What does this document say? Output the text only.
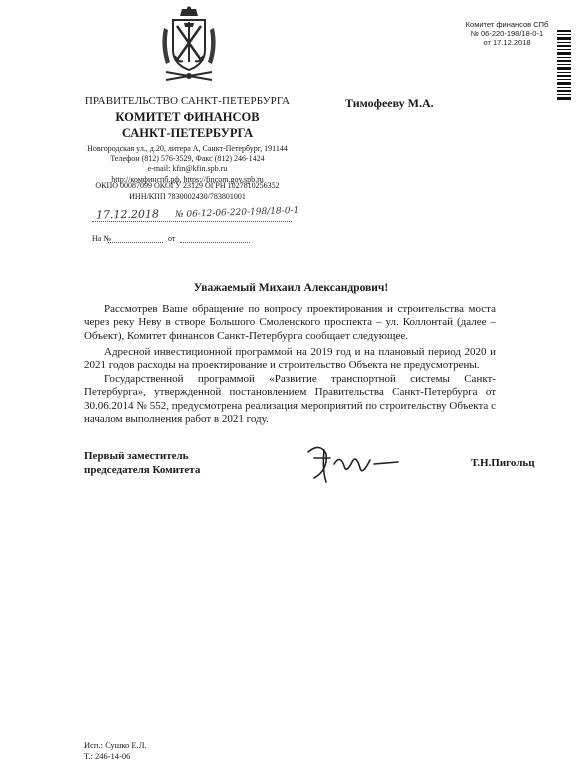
Комитет финансов СПб
№ 06-220-198/18-0-1
от 17.12.2018
ПРАВИТЕЛЬСТВО САНКТ-ПЕТЕРБУРГА
КОМИТЕТ ФИНАНСОВ
САНКТ-ПЕТЕРБУРГА
Новгородская ул., д.20, литера А, Санкт-Петербург, 191144
Телефон (812) 576-3529, Факс (812) 246-1424
e-mail: kfin@kfin.spb.ru
http://комфинспб.рф, https://fincom.gov.spb.ru
ОКПО 00087099 ОКОГУ 23129 ОГРН 1027810256352
ИНН/КПП 7830002430/783801001
Тимофееву М.А.
17.12.2018 № 06-12-06-220-198/18-0-1
На №	от
Уважаемый Михаил Александрович!
Рассмотрев Ваше обращение по вопросу проектирования и строительства моста через реку Неву в створе Большого Смоленского проспекта – ул. Коллонтай (далее – Объект), Комитет финансов Санкт-Петербурга сообщает следующее.
Адресной инвестиционной программой на 2019 год и на плановый период 2020 и 2021 годов расходы на проектирование и строительство Объекта не предусмотрены.
Государственной программой «Развитие транспортной системы Санкт-Петербурга», утвержденной постановлением Правительства Санкт-Петербурга от 30.06.2014 № 552, предусмотрена реализация мероприятий по строительству Объекта с началом выполнения работ в 2021 году.
Первый заместитель
председателя Комитета
Т.Н.Пигольц
Исп.: Сушко Е.Л.
Т.: 246-14-06
